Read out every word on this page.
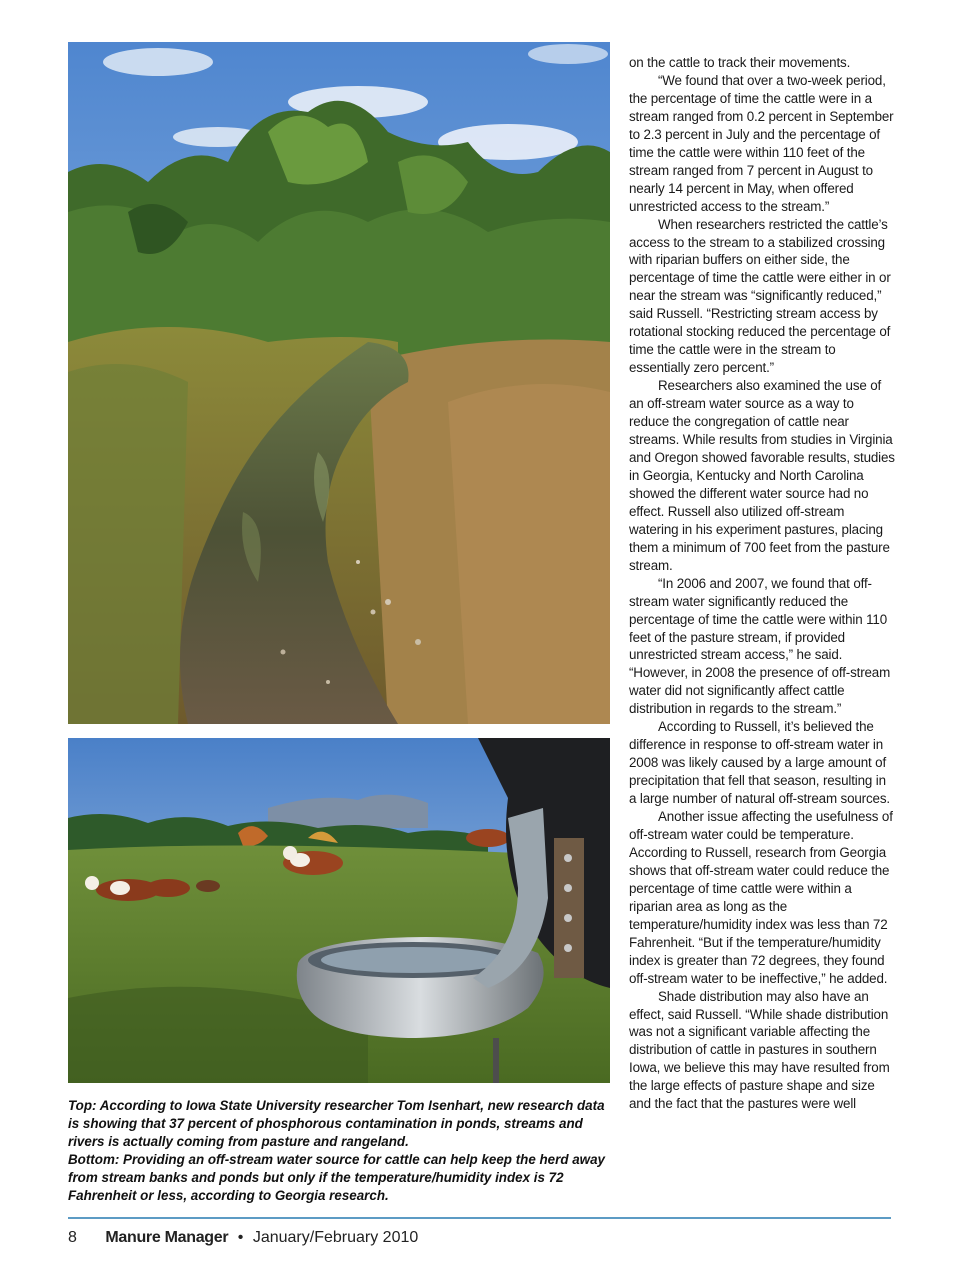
Top: According to Iowa State University researcher Tom Isenhart, new research data is showing that 37 percent of phosphorous contamination in ponds, streams and rivers is actually coming from pasture and rangeland.

Bottom: Providing an off-stream water source for cattle can help keep the herd away from stream banks and ponds but only if the temperature/humidity index is 72 Fahrenheit or less, according to Georgia research.

on the cattle to track their movements.

“We found that over a two-week period, the percentage of time the cattle were in a stream ranged from 0.2 percent in September to 2.3 percent in July and the percentage of time the cattle were within 110 feet of the stream ranged from 7 percent in August to nearly 14 percent in May, when offered unrestricted access to the stream.”

When researchers restricted the cattle’s access to the stream to a stabilized crossing with riparian buffers on either side, the percentage of time the cattle were either in or near the stream was “significantly reduced,” said Russell. “Restricting stream access by rotational stocking reduced the percentage of time the cattle were in the stream to essentially zero percent.”

Researchers also examined the use of an off-stream water source as a way to reduce the congregation of cattle near streams. While results from studies in Virginia and Oregon showed favorable results, studies in Georgia, Kentucky and North Carolina showed the different water source had no effect. Russell also utilized off-stream watering in his experiment pastures, placing them a minimum of 700 feet from the pasture stream.

“In 2006 and 2007, we found that off-stream water significantly reduced the percentage of time the cattle were within 110 feet of the pasture stream, if provided unrestricted stream access,” he said. “However, in 2008 the presence of off-stream water did not significantly affect cattle distribution in regards to the stream.”

According to Russell, it’s believed the difference in response to off-stream water in 2008 was likely caused by a large amount of precipitation that fell that season, resulting in a large number of natural off-stream sources.

Another issue affecting the usefulness of off-stream water could be temperature. According to Russell, research from Georgia shows that off-stream water could reduce the percentage of time cattle were within a riparian area as long as the temperature/humidity index was less than 72 Fahrenheit. “But if the temperature/humidity index is greater than 72 degrees, they found off-stream water to be ineffective,” he added.

Shade distribution may also have an effect, said Russell. “While shade distribution was not a significant variable affecting the distribution of cattle in pastures in southern Iowa, we believe this may have resulted from the large effects of pasture shape and size and the fact that the pastures were well

8 Manure Manager • January/February 2010
